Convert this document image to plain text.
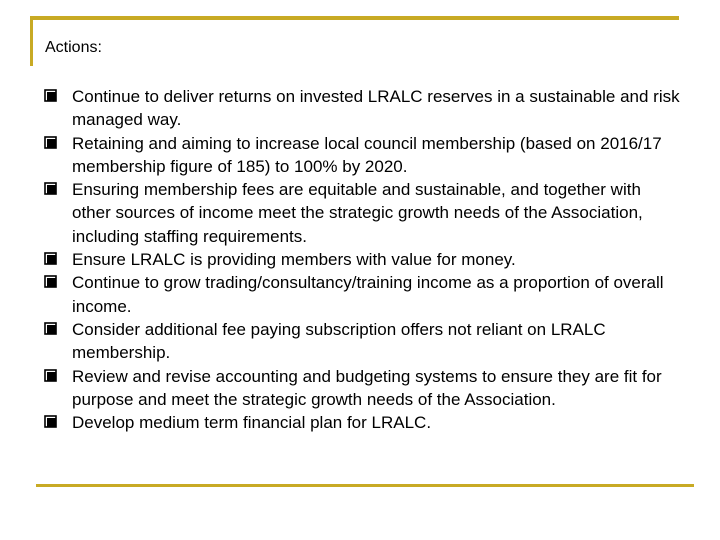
Actions:
Continue to deliver returns on invested LRALC reserves in a sustainable and risk managed way.
Retaining and aiming to increase local council membership (based on 2016/17 membership figure of 185) to 100% by 2020.
Ensuring membership fees are equitable and sustainable, and together with other sources of income meet the strategic growth needs of the Association, including staffing requirements.
Ensure LRALC is providing members with value for money.
Continue to grow trading/consultancy/training income as a proportion of overall income.
Consider additional fee paying subscription offers not reliant on LRALC membership.
Review and revise accounting and budgeting systems to ensure they are fit for purpose and meet the strategic growth needs of the Association.
Develop medium term financial plan for LRALC.
